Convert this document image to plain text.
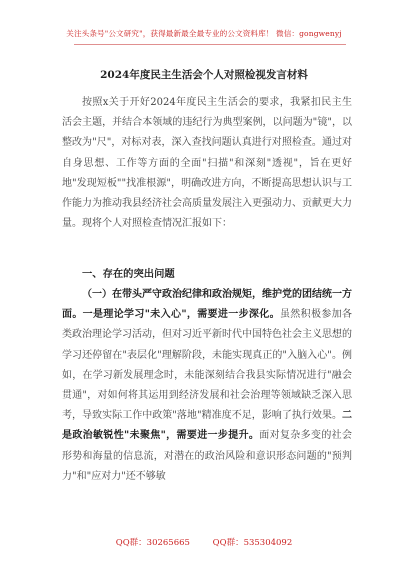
关注头条号"公文研究"，获得最新最全最专业的公文资料库！ 微信：gongwenyj
2024年度民主生活会个人对照检视发言材料
按照x关于开好2024年度民主生活会的要求，我紧扣民主生活会主题，并结合本领域的违纪行为典型案例，以问题为"镜"，以整改为"尺"，对标对表，深入查找问题认真进行对照检查。通过对自身思想、工作等方面的全面"扫描"和深刻"透视"，旨在更好地"发现短板""找准根源"，明确改进方向，不断提高思想认识与工作能力为推动我县经济社会高质量发展注入更强动力、贡献更大力量。现将个人对照检查情况汇报如下：
一、存在的突出问题
（一）在带头严守政治纪律和政治规矩，维护党的团结统一方面。一是理论学习"未入心"，需要进一步深化。虽然积极参加各类政治理论学习活动，但对习近平新时代中国特色社会主义思想的学习还停留在"表层化"理解阶段，未能实现真正的"入脑入心"。例如，在学习新发展理念时，未能深刻结合我县实际情况进行"融会贯通"，对如何将其运用到经济发展和社会治理等领域缺乏深入思考，导致实际工作中政策"落地"精准度不足，影响了执行效果。二是政治敏锐性"未聚焦"，需要进一步提升。面对复杂多变的社会形势和海量的信息流，对潜在的政治风险和意识形态问题的"预判力"和"应对力"还不够敏
QQ群：30265665	QQ群：535304092
